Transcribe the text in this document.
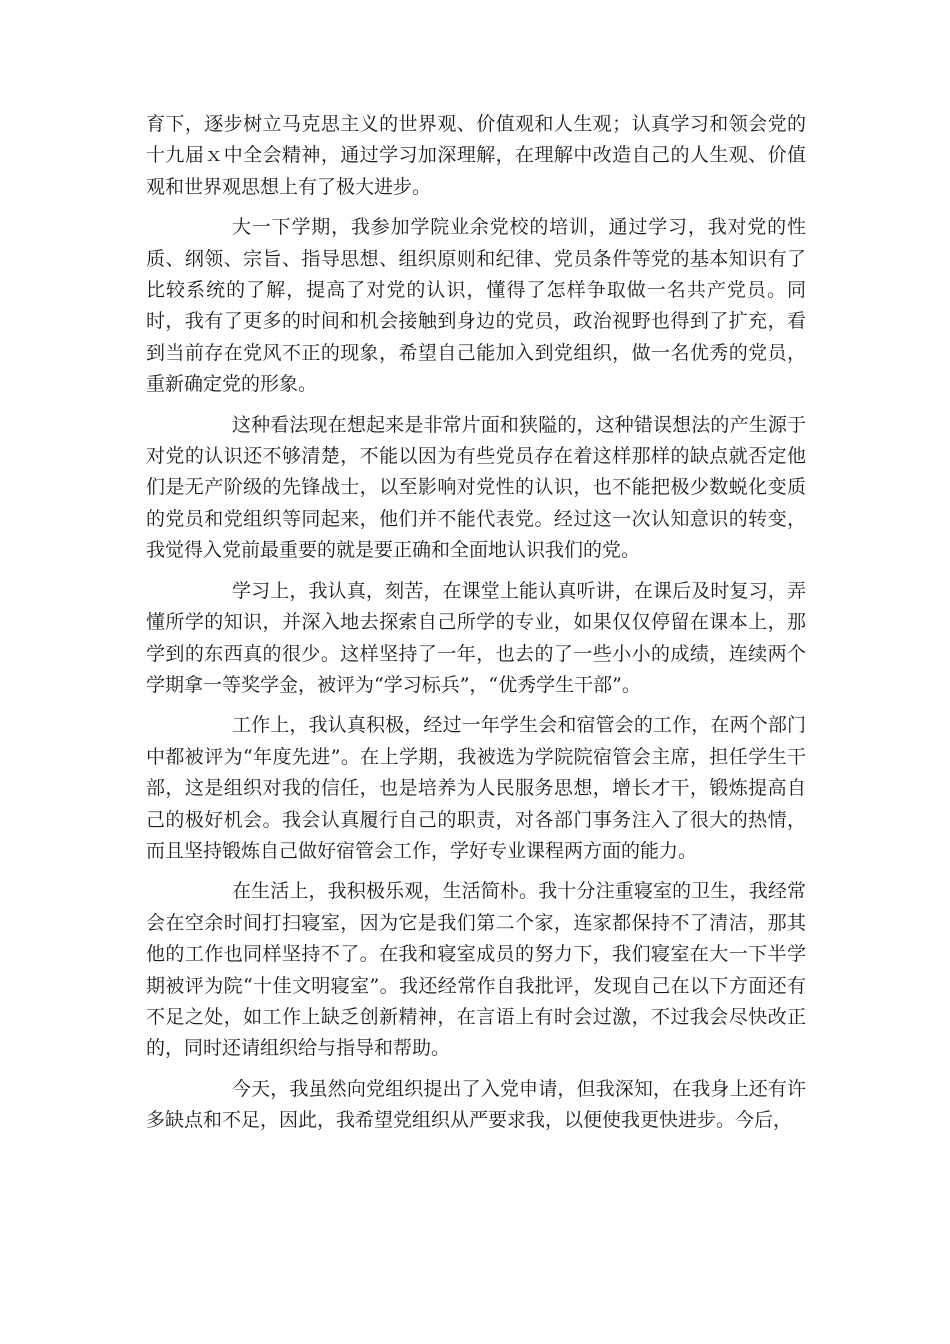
育下，逐步树立马克思主义的世界观、价值观和人生观；认真学习和领会党的十九届ｘ中全会精神，通过学习加深理解，在理解中改造自己的人生观、价值观和世界观思想上有了极大进步。

大一下学期，我参加学院业余党校的培训，通过学习，我对党的性质、纲领、宗旨、指导思想、组织原则和纪律、党员条件等党的基本知识有了比较系统的了解，提高了对党的认识，懂得了怎样争取做一名共产党员。同时，我有了更多的时间和机会接触到身边的党员，政治视野也得到了扩充，看到当前存在党风不正的现象，希望自己能加入到党组织，做一名优秀的党员，重新确定党的形象。

这种看法现在想起来是非常片面和狭隘的，这种错误想法的产生源于对党的认识还不够清楚，不能以因为有些党员存在着这样那样的缺点就否定他们是无产阶级的先锋战士，以至影响对党性的认识，也不能把极少数蜕化变质的党员和党组织等同起来，他们并不能代表党。经过这一次认知意识的转变，我觉得入党前最重要的就是要正确和全面地认识我们的党。

学习上，我认真，刻苦，在课堂上能认真听讲，在课后及时复习，弄懂所学的知识，并深入地去探索自己所学的专业，如果仅仅停留在课本上，那学到的东西真的很少。这样坚持了一年，也去的了一些小小的成绩，连续两个学期拿一等奖学金，被评为“学习标兵”，“优秀学生干部”。

工作上，我认真积极，经过一年学生会和宿管会的工作，在两个部门中都被评为“年度先进”。在上学期，我被选为学院院宿管会主席，担任学生干部，这是组织对我的信任，也是培养为人民服务思想，增长才干，锻炼提高自己的极好机会。我会认真履行自己的职责，对各部门事务注入了很大的热情，而且坚持锻炼自己做好宿管会工作，学好专业课程两方面的能力。

在生活上，我积极乐观，生活简朴。我十分注重寝室的卫生，我经常会在空余时间打扫寝室，因为它是我们第二个家，连家都保持不了清洁，那其他的工作也同样坚持不了。在我和寝室成员的努力下，我们寝室在大一下半学期被评为院“十佳文明寝室”。我还经常作自我批评，发现自己在以下方面还有不足之处，如工作上缺乏创新精神，在言语上有时会过激，不过我会尽快改正的，同时还请组织给与指导和帮助。

今天，我虽然向党组织提出了入党申请，但我深知，在我身上还有许多缺点和不足，因此，我希望党组织从严要求我，以便使我更快进步。今后，
